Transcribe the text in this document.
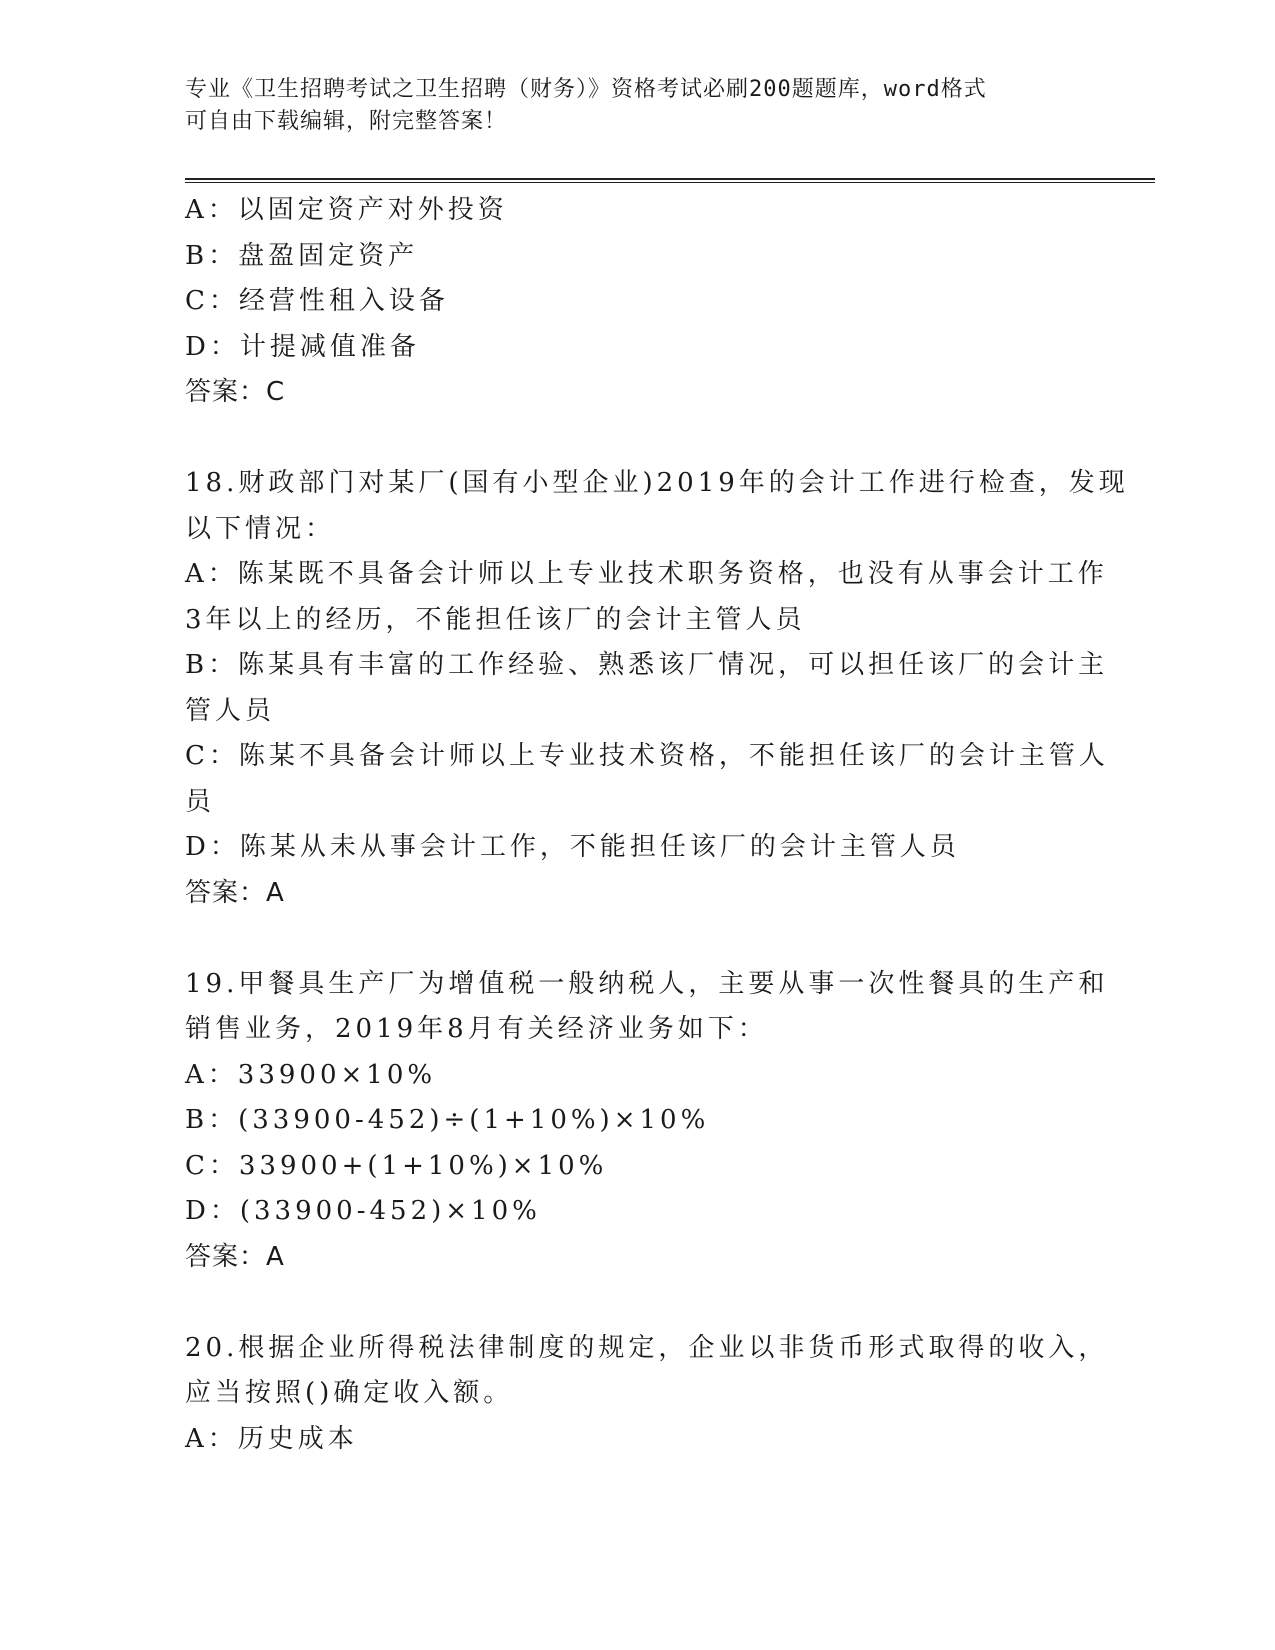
专业《卫生招聘考试之卫生招聘（财务）》资格考试必刷200题题库，word格式
可自由下载编辑，附完整答案！
A：以固定资产对外投资
B：盘盈固定资产
C：经营性租入设备
D：计提减值准备
答案：C
18.财政部门对某厂(国有小型企业)2019年的会计工作进行检查，发现
以下情况：
A：陈某既不具备会计师以上专业技术职务资格，也没有从事会计工作
3年以上的经历，不能担任该厂的会计主管人员
B：陈某具有丰富的工作经验、熟悉该厂情况，可以担任该厂的会计主
管人员
C：陈某不具备会计师以上专业技术资格，不能担任该厂的会计主管人
员
D：陈某从未从事会计工作，不能担任该厂的会计主管人员
答案：A
19.甲餐具生产厂为增值税一般纳税人，主要从事一次性餐具的生产和
销售业务，2019年8月有关经济业务如下：
A：33900×10%
B：(33900-452)÷(1+10%)×10%
C：33900+(1+10%)×10%
D：(33900-452)×10%
答案：A
20.根据企业所得税法律制度的规定，企业以非货币形式取得的收入，
应当按照()确定收入额。
A：历史成本
